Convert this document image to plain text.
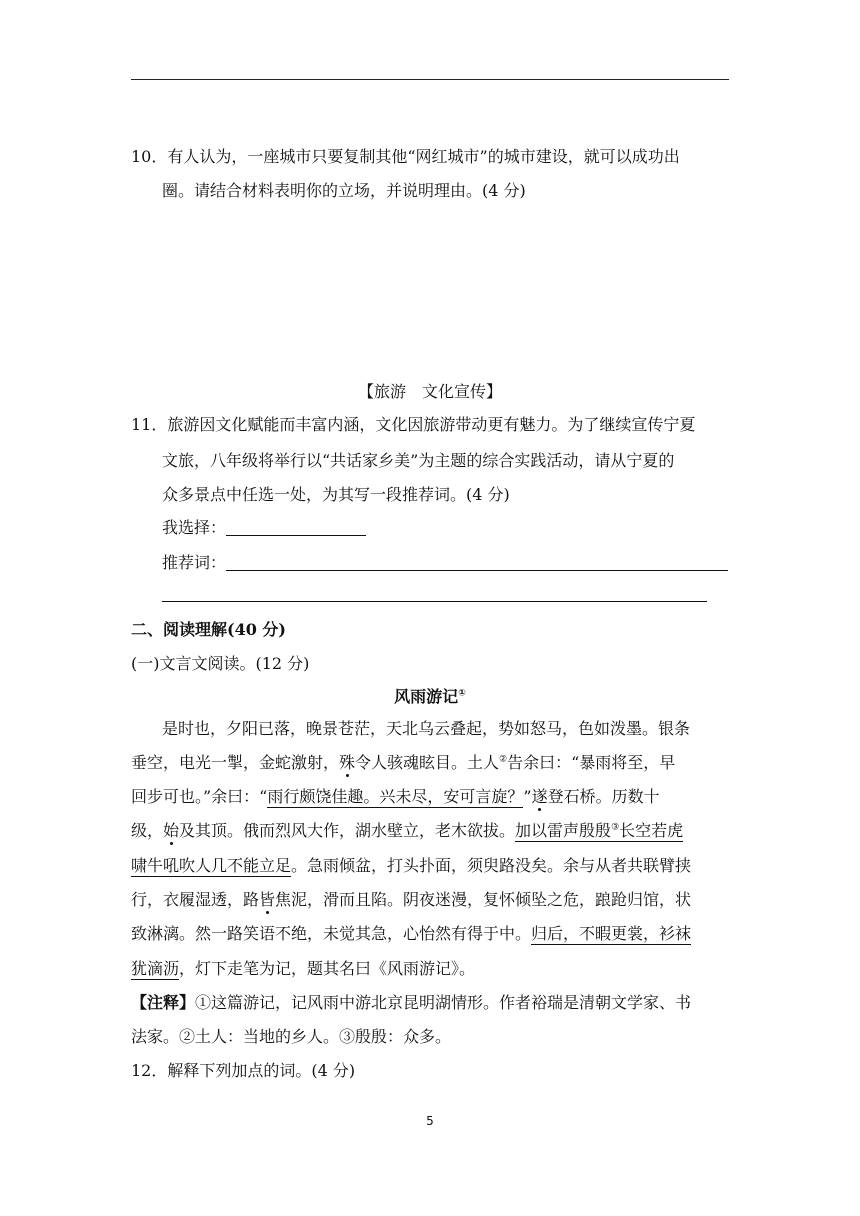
10．有人认为，一座城市只要复制其他“网红城市”的城市建设，就可以成功出
圈。请结合材料表明你的立场，并说明理由。(4 分)
【旅游　文化宣传】
11．旅游因文化赋能而丰富内涵，文化因旅游带动更有魅力。为了继续宣传宁夏
文旅，八年级将举行以“共话家乡美”为主题的综合实践活动，请从宁夏的
众多景点中任选一处，为其写一段推荐词。(4 分)
我选择：
推荐词：
二、阅读理解(40 分)
(一)文言文阅读。(12 分)
风雨游记①
是时也，夕阳已落，晚景苍茫，天北乌云叠起，势如怒马，色如泼墨。银条
垂空，电光一掣，金蛇激射，殊令人骇魂眩目。土人②告余曰：“暴雨将至，早
回步可也。”余曰：“雨行颇饶佳趣。兴未尽，安可言旋？”遂登石桥。历数十
级，始及其顶。俄而烈风大作，湖水壁立，老木欲拔。加以雷声殷殷③长空若虎
啸牛吼吹人几不能立足。急雨倾盆，打头扑面，须臾路没矣。余与从者共联臂挟
行，衣履湿透，路皆焦泥，滑而且陷。阴夜迷漫，复怀倾坠之危，踉跄归馆，状
致淋漓。然一路笑语不绝，未觉其急，心怡然有得于中。归后，不暇更裳，衫袜
犹滴沥，灯下走笔为记，题其名曰《风雨游记》。
【注释】①这篇游记，记风雨中游北京昆明湖情形。作者裕瑞是清朝文学家、书
法家。②土人：当地的乡人。③殷殷：众多。
12．解释下列加点的词。(4 分)
5
